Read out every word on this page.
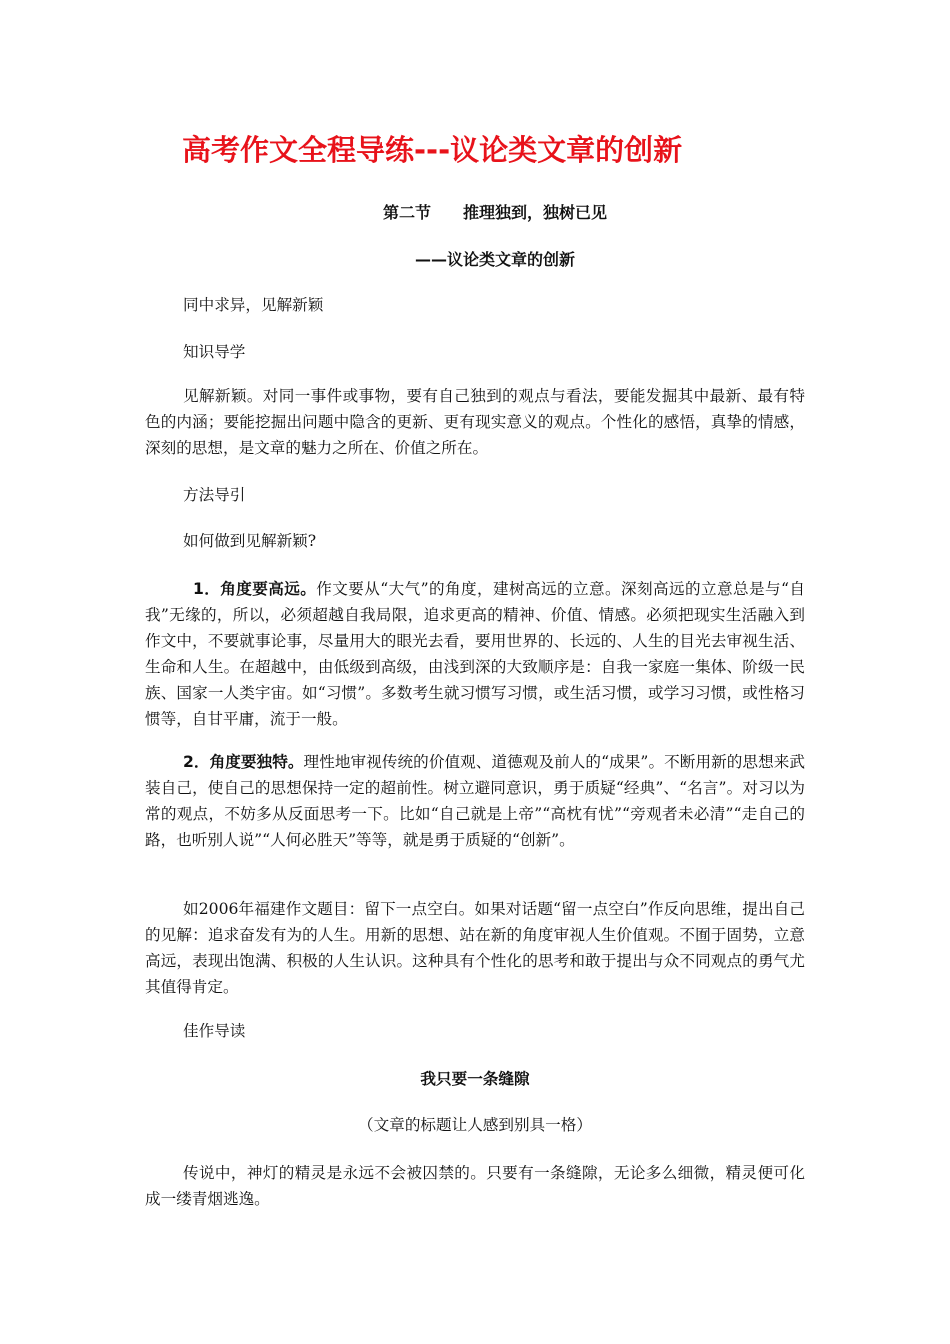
高考作文全程导练---议论类文章的创新
第二节　　推理独到，独树已见
——议论类文章的创新

同中求异，见解新颖

知识导学

见解新颖。对同一事件或事物，要有自己独到的观点与看法，要能发掘其中最新、最有特色的内涵；要能挖掘出问题中隐含的更新、更有现实意义的观点。个性化的感悟，真挚的情感，深刻的思想，是文章的魅力之所在、价值之所在。

方法导引

如何做到见解新颖?

1．角度要高远。作文要从“大气”的角度，建树高远的立意。深刻高远的立意总是与“自我”无缘的，所以，必须超越自我局限，追求更高的精神、价值、情感。必须把现实生活融入到作文中，不要就事论事，尽量用大的眼光去看，要用世界的、长远的、人生的目光去审视生活、生命和人生。在超越中，由低级到高级，由浅到深的大致顺序是：自我一家庭一集体、阶级一民族、国家一人类宇宙。如“习惯”。多数考生就习惯写习惯，或生活习惯，或学习习惯，或性格习惯等，自甘平庸，流于一般。

2．角度要独特。理性地审视传统的价值观、道德观及前人的“成果”。不断用新的思想来武装自己，使自己的思想保持一定的超前性。树立避同意识，勇于质疑“经典”、“名言”。对习以为常的观点，不妨多从反面思考一下。比如“自己就是上帝”“高枕有忧”“旁观者未必清”“走自己的路，也听别人说”“人何必胜天”等等，就是勇于质疑的“创新”。

如2006年福建作文题目：留下一点空白。如果对话题“留一点空白”作反向思维，提出自己的见解：追求奋发有为的人生。用新的思想、站在新的角度审视人生价值观。不囿于固势，立意高远，表现出饱满、积极的人生认识。这种具有个性化的思考和敢于提出与众不同观点的勇气尤其值得肯定。

佳作导读

我只要一条缝隙
（文章的标题让人感到别具一格）

传说中，神灯的精灵是永远不会被囚禁的。只要有一条缝隙，无论多么细微，精灵便可化成一缕青烟逃逸。
